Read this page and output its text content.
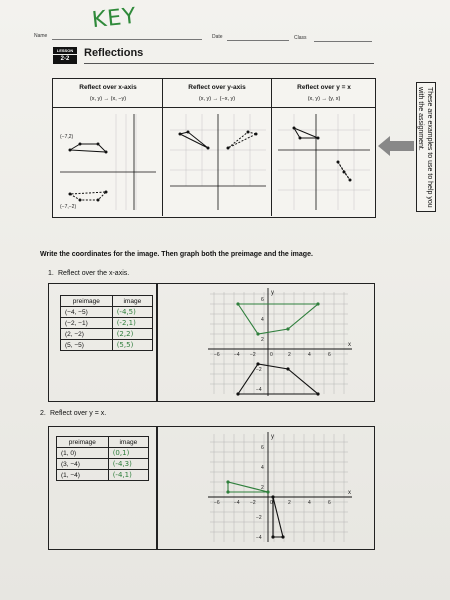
Name
KEY
Date	Class
LESSON
2-2	Reflections
Reflect over x-axis
(x, y) → (x, −y)
Reflect over y-axis
(x, y) → (−x, y)
Reflect over y = x
(x, y) → (y, x)
(−7,2)
(−7,−2)	These are examples to use to help you with the assignment.
Write the coordinates for the image. Then graph both the preimage and the image.
1. Reflect over the x-axis.
preimage	image
(−4, −5)	(-4,5)
(−2, −1)	(-2,1)
(2, −2)	(2,2)
(5, −5)	(5,5)	x
y
−6	−4 −2	0	2	4	6
6
4
2
−2
−4
2. Reflect over y = x.
preimage	image
(1, 0)	(0,1)
(3, −4)	(-4,3)
(1, −4)	(-4,1)
x
y
−6	−4 −2	0	2	4	6
6
4
2
−2
−4
